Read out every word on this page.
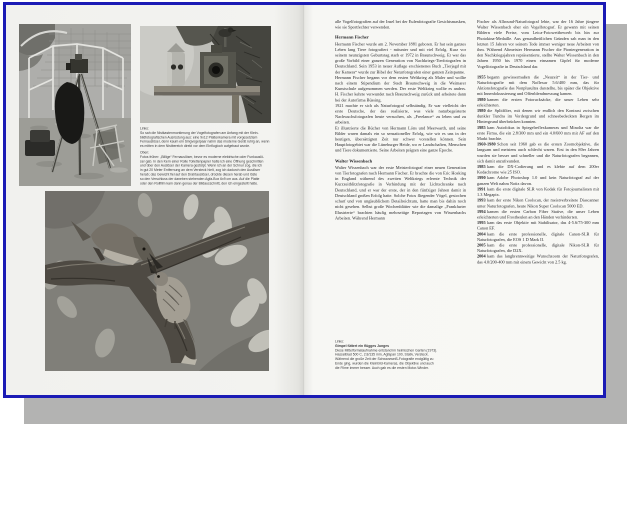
Links:
So sah die Nistkastenmontierung der Vogelfotografen am Anfang mit der Klein-
bildfotografischen Ausrüstung aus: eine 9x12 Plattenkamera mit vorgesetztem
Fernauslöser, denn kaum ein Singvogelpaar nahm das moderne Gerät ruhig an, wenn
es mitten in dem Nistbereich direkt vor dem Einflugloch aufgebaut wurde.
Oben:
Fotos früher: „Billige“ Fernauslöser, bevor es moderne elektrische oder Funkauslö-
ser gab. In den Kern einer Rolle Toilettenpapier hatte ich eine Öffnung geschnitten
und über den Auslöser der Kamera gestülpt. Wenn ich an der Schnur zog, die ich
in gut 20 Meter Entfernung an dem Versteck hielt, zog ich dadurch den Auslöser
herab; das Gewicht fiel auf den Drahtauslöser, drückte diesen herab und löste
so den Verschluss der daneben stehenden Agfa-Box 6x9 cm aus. Auf die Platte
oder den Rollfilm kam dann genau der Bildausschnitt, den ich eingestellt hatte.

alle Vogelfotografien auf der Insel bei der Eulenfotografie Gesichtsmasken, wie sie Sportfechter verwenden.

Hermann Fischer

Hermann Fischer wurde am 2. November 1881 geboren. Er hat sein ganzes Leben lang Tiere fotografiert - mitunter und mit viel Erfolg. Kurz vor seinem neunzigsten Geburtstag starb er 1972 in Braunschweig. Er war das große Vorbild einer ganzen Generation von Nachkriegs-Tierfotografen in Deutschland. Sein 1953 in neuer Auflage erschienenes Buch „Tierjagd mit der Kamera“ wurde zur Bibel der Naturfotografen einer ganzen Zeitspanne.

Hermann Fischer begann vor dem ersten Weltkrieg als Maler und wollte nach einem Stipendium der Stadt Braunschweig in die Weimarer Kunstschule aufgenommen werden. Der erste Weltkrieg wollte es anders. H. Fischer kehrte verwundet nach Braunschweig zurück und arbeitete dann bei der Autofirma Büssing.

1921 machte er sich als Naturfotograf selbständig. Er war vielleicht der erste Deutsche, der das realisierte, was viele naturbegeisterte Nachwuchsfotografen heute versuchen, als „Freelance“ zu leben und zu arbeiten.

Er illustrierte die Bücher von Hermann Löns und Meerwarth, und seine Bilder waren damals ein so sensationeller Erfolg, wie wir es uns in der heutigen, übersättigten Zeit nur schwer vorstellen können. Sein Hauptfotogebiet war die Lüneburger Heide, wo er Landschaften, Menschen und Tiere dokumentierte. Seine Arbeiten prägten eine ganze Epoche.

Walter Wissenbach

Walter Wissenbach war der erste Meisterfotograf einer neuen Generation von Tierfotografen nach Hermann Fischer. Er brachte die von Eric Hosking in England während des zweiten Weltkriegs erlernte Technik der Kurzzeitblitzfotografie in Verbindung mit der Lichtschranke nach Deutschland, und er war der erste, der in den fünfziger Jahren damit in Deutschland großen Erfolg hatte. Solche Fotos fliegender Vögel, gestochen scharf und von unglaublichem Detailreichtum, hatte man bis dahin noch nicht gesehen. Selbst große Wochenblätter wie die damalige „Frankfurter Illustrierte“ brachten häufig mehrseitige Reportagen von Wissenbachs Arbeiten. Während Hermann

Links:
Gimpel füttert ein flügges Junges
Diese Mittelformataufnahme entstand im heimischen Garten (1973).
Hasselblad 500 C, 2.8/135 mm, Agfapan 100, Stativ, Versteck.
Während die große Zeit der Schwarzweiß-Fotografie endgültig zu
Ende ging, wurden die Kleinbild-Kameras, die Objektive und auch
die Filme immer besser. Auch gab es die ersten Motor-Winder.

Fischer als Allround-Naturfotograf lebte, war der 16 Jahre jüngere Walter Wissenbach eher ein Vogelfotograf. Er gewann mit seinen Bildern viele Preise, vom Leica-Fotowettbewerb bis hin zur Photokina-Medaille. Aus gesundheitlichen Gründen sah man in den letzten 15 Jahren vor seinem Tode immer weniger neue Arbeiten von ihm. Während Altmeister Hermann Fischer die Pioniergeneration in den Nachkriegsjahren repräsentierte, stellte Walter Wissenbach in den Jahren 1950 bis 1970 einen einsamen Gipfel für moderne Vogelfotografie in Deutschland dar.

1955 begann gewissermaßen die „Neuzeit“ in der Tier- und Naturfotografie mit dem Noflexar 5.6/400 mm, das für Aktionsfotografie das Nonplusultra darstellte, bis später die Objektive mit Innenfokussierung und Offenblendmessung kamen.

1980 kamen die ersten Fotorucksäcke, die unser Leben sehr erleichterten.

1980 die Splitfilter, mit denen wir endlich den Kontrast zwischen dunkler Tundra im Vordergrund und schneebedeckten Bergen im Hintergrund überbrücken konnten.

1985 kam Autofokus in Spiegelreflexkameras und Minolta war die erste Firma, die ein 2.8/300 mm und ein 4.0/600 mm mit AF auf den Markt brachte.

1960-1980 Schon seit 1960 gab es die ersten Zoomobjektive, die langsam und meistens auch schlecht waren. Erst in den 80er Jahren wurden sie besser und schneller und die Naturfotografen begannen, sich damit anzufreunden.

1985 kam die DX-Codierung und es klebte auf dem 200er Kodachrome wie 25 ISO.

1990 kam Adobe Photoshop 1.0 und kein Naturfotograf auf der ganzen Welt nahm Notiz davon.

1991 kam die erste digitale SLR von Kodak für Fotojournalisten mit 1.3 Megapix.

1993 kam der erste Nikon Coolscan, der meistverbreitete Diascanner unter Naturfotografen, heute Nikon Super Coolscan 5000 ED.

1994 kamen die ersten Carbon Fiber Stative, die unser Leben erleichterten und Frostbeulen an den Händen verhinderten.

1995 kam das erste Objektiv mit Stabilisator, das 4-5.6/75-300 mm Canon EF.

2004 kam die erste professionelle, digitale Canon-SLR für Naturfotografen, die EOS 1 D Mark II.

2005 kam die erste professionelle, digitale Nikon-SLR für Naturfotografen, die D2X.

2004 kam das langbrennweitige Wunschzoom der Naturfotografen, das 4.0/200-400 mm mit einem Gewicht von 2.5 kg.
